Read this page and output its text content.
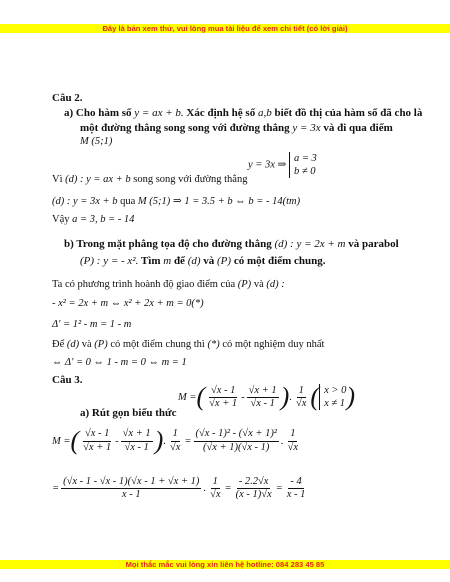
Đây là bản xem thử, vui lòng mua tài liệu để xem chi tiết (có lời giải)
Câu 2.
a) Cho hàm số y = ax + b. Xác định hệ số a,b biết đồ thị của hàm số đã cho là
một đường thẳng song song với đường thẳng y = 3x và đi qua điểm
M (5;1)
y = 3x ⇒
a = 3
b ≠ 0
Vì (d) : y = ax + b song song với đường thẳng
(d) : y = 3x + b qua M (5;1) ⇒ 1 = 3.5 + b ⇔ b = - 14(tm)
Vậy a = 3, b = - 14
b) Trong mặt phẳng tọa độ cho đường thẳng (d) : y = 2x + m và parabol
(P) : y = - x². Tìm m để (d) và (P) có một điểm chung.
Ta có phương trình hoành độ giao điểm của (P) và (d) :
- x² = 2x + m ⇔ x² + 2x + m = 0(*)
Δ' = 1² - m = 1 - m
Để (d) và (P) có một điểm chung thì (*) có một nghiệm duy nhất
⇔ Δ' = 0 ⇔ 1 - m = 0 ⇔ m = 1
Câu 3.
M = ( $\frac{√x - 1}{√x + 1} - \frac{√x + 1}{√x - 1}$ ) . $\frac{1}{√x}$ ( x > 0
x ≠ 1 )
a) Rút gọn biểu thức
M = ( $\frac{√x - 1}{√x + 1} - \frac{√x + 1}{√x - 1}$ ) . $\frac{1}{√x} = \frac{\text{(√x - 1)² - (√x + 1)²}}{(√x + 1)(√x - 1)}$ . $\frac{1}{√x}$
= $\frac{(√x - 1 - √x - 1)(√x - 1 + √x + 1)}{x - 1}$ . $\frac{1}{√x} = \frac{- 2.2√x}{(x - 1)√x} = \frac{- 4}{x - 1}$
Mọi thắc mắc vui lòng xin liên hệ hotline: 084 283 45 85
